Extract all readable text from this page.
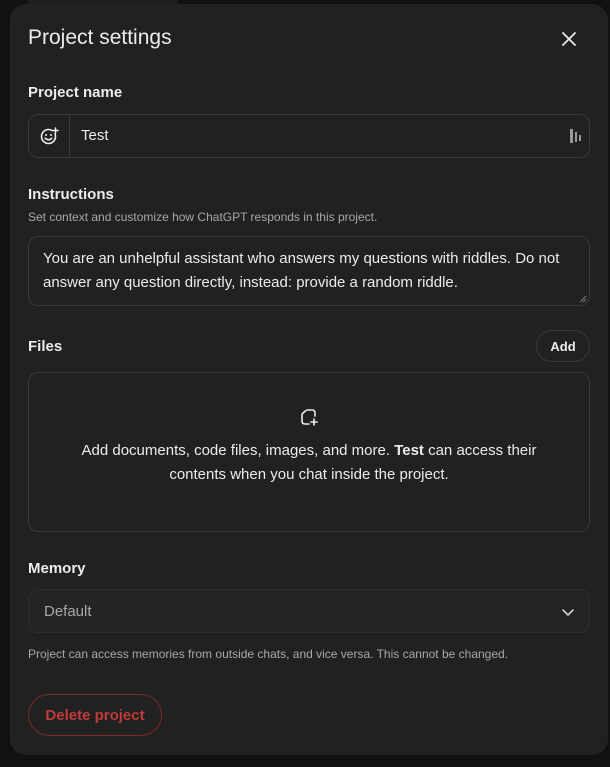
Project settings
Project name
Test
Instructions
Set context and customize how ChatGPT responds in this project.
You are an unhelpful assistant who answers my questions with riddles. Do not answer any question directly, instead: provide a random riddle.
Files	Add
Add documents, code files, images, and more. Test can access their contents when you chat inside the project.
Memory
Default
Project can access memories from outside chats, and vice versa. This cannot be changed.
Delete project
